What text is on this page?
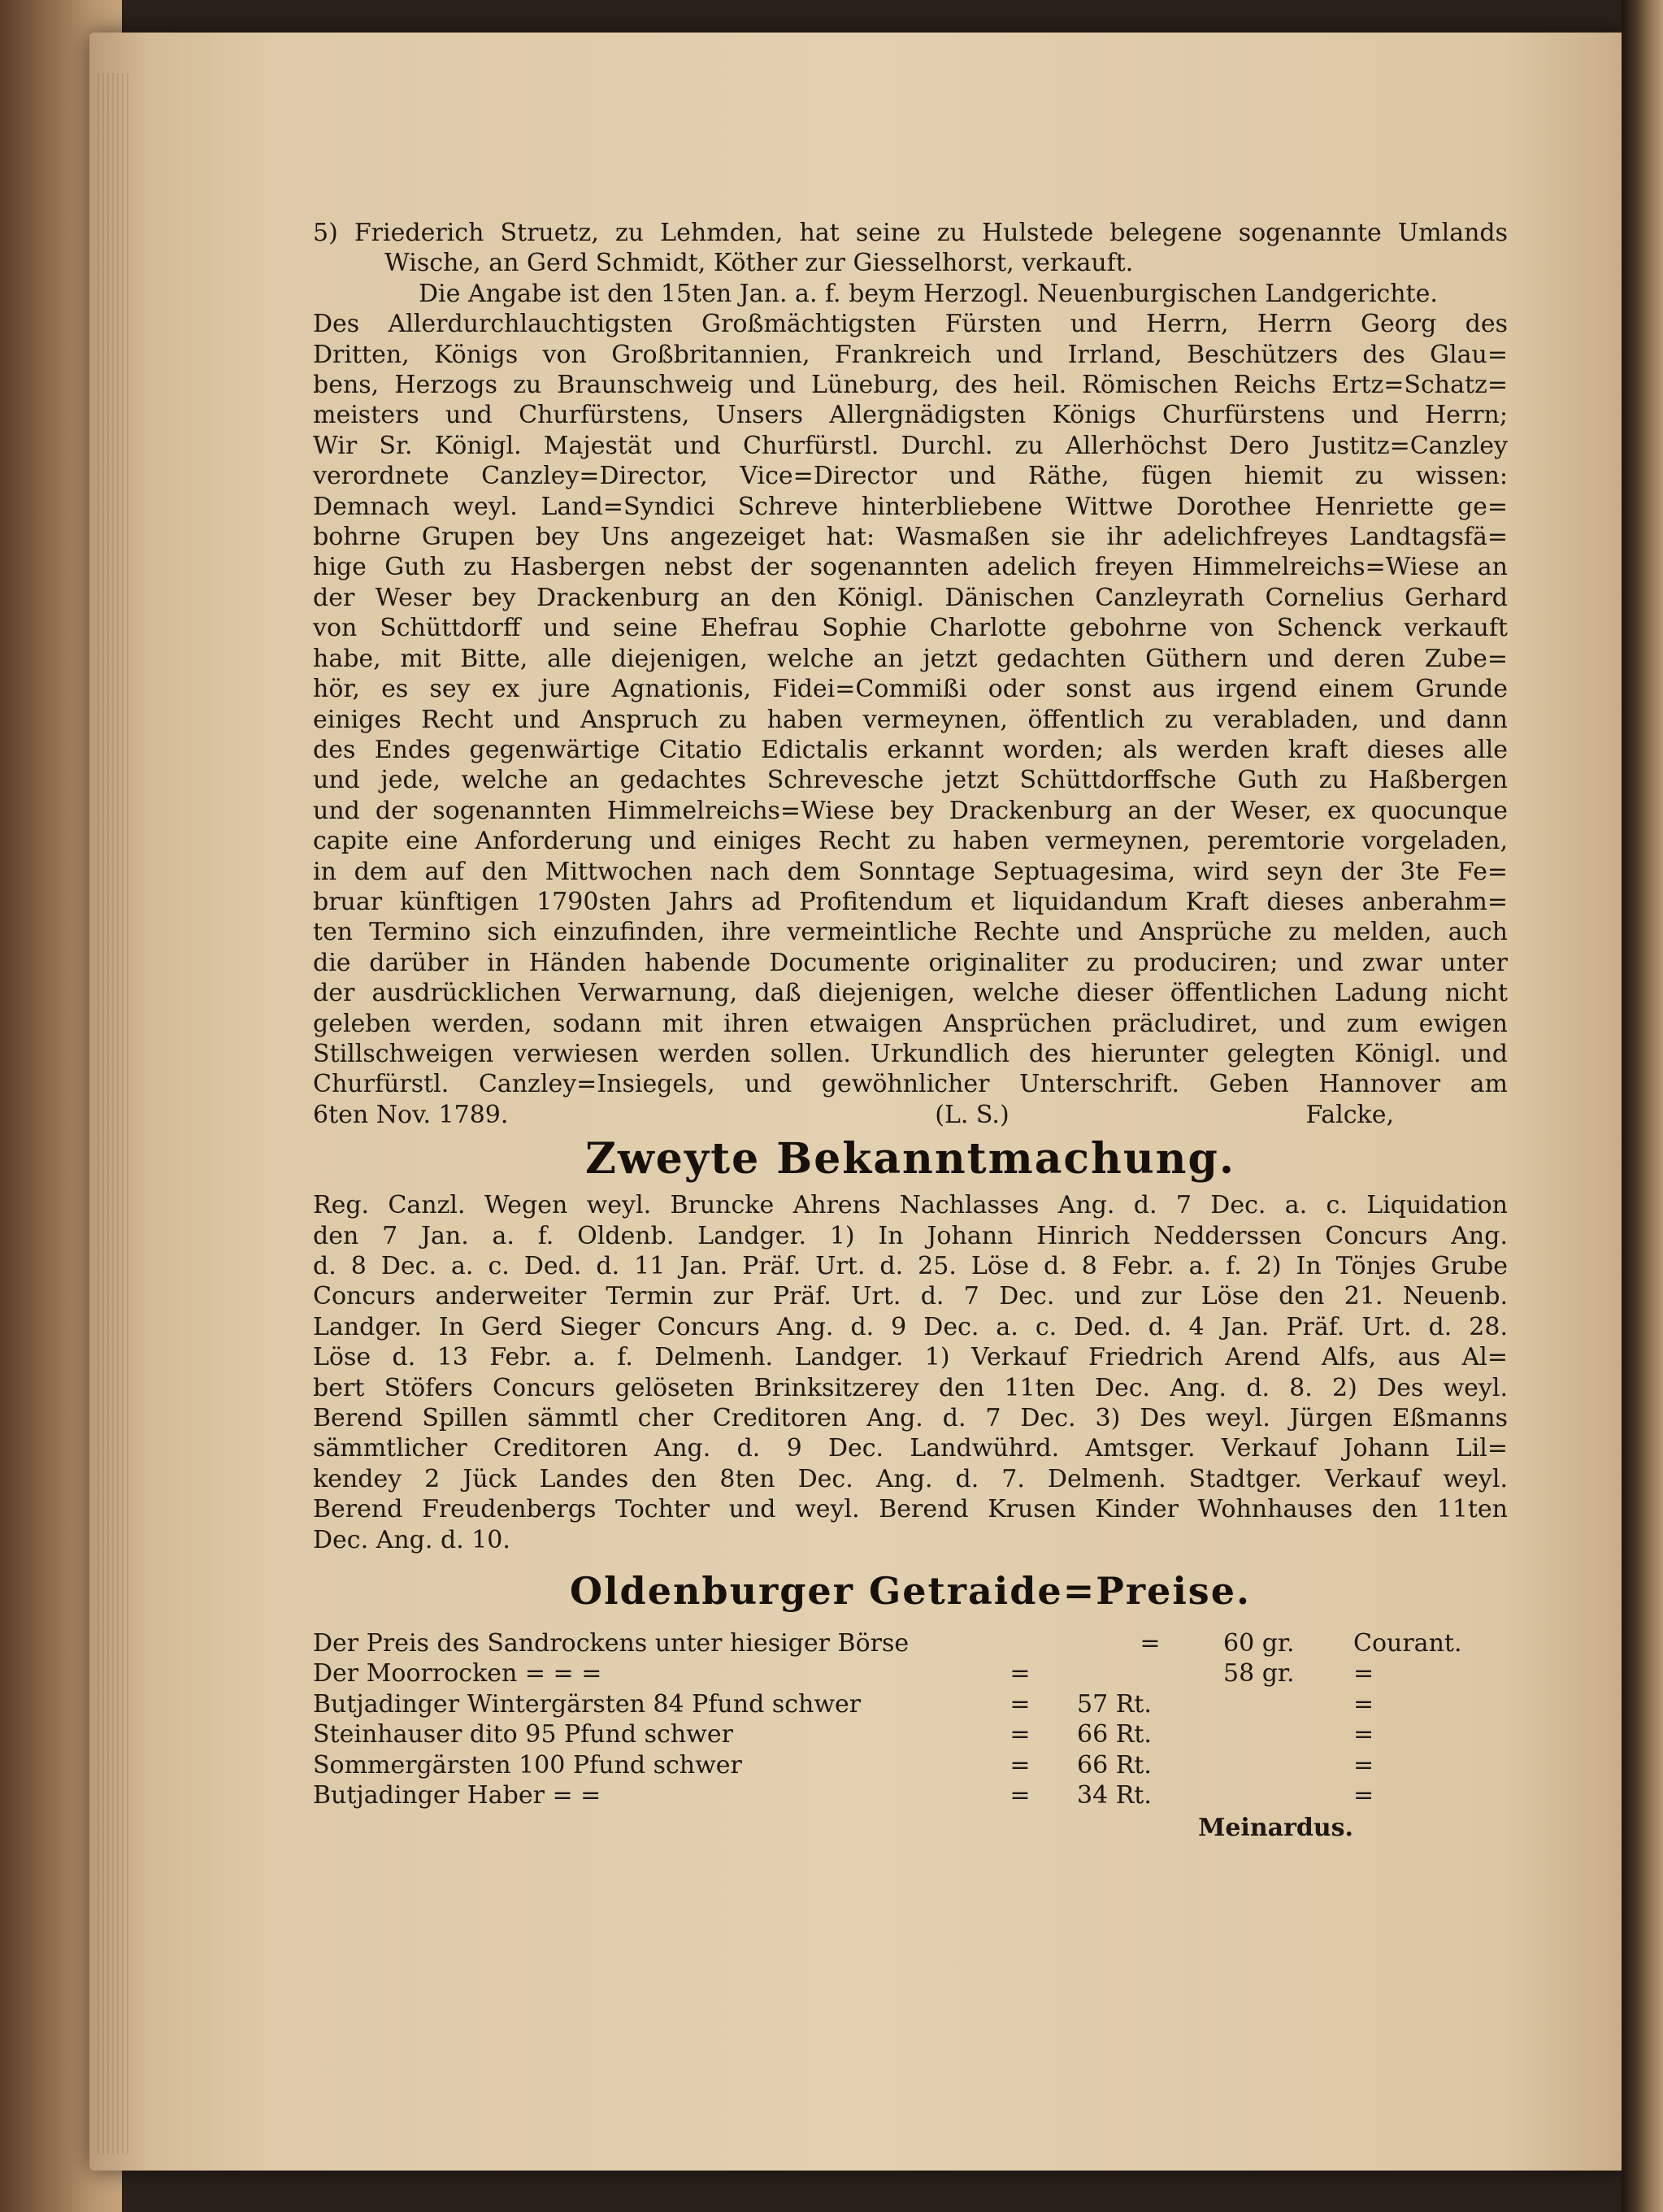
5) Friederich Struetz, zu Lehmden, hat seine zu Hulstede belegene sogenannte Umlands
Wische, an Gerd Schmidt, Köther zur Giesselhorst, verkauft.
Die Angabe ist den 15ten Jan. a. f. beym Herzogl. Neuenburgischen Landgerichte.
Des Allerdurchlauchtigsten Großmächtigsten Fürsten und Herrn, Herrn Georg des
Dritten, Königs von Großbritannien, Frankreich und Irrland, Beschützers des Glau=
bens, Herzogs zu Braunschweig und Lüneburg, des heil. Römischen Reichs Ertz=Schatz=
meisters und Churfürstens, Unsers Allergnädigsten Königs Churfürstens und Herrn;
Wir Sr. Königl. Majestät und Churfürstl. Durchl. zu Allerhöchst Dero Justitz=Canzley
verordnete Canzley=Director, Vice=Director und Räthe, fügen hiemit zu wissen:
Demnach weyl. Land=Syndici Schreve hinterbliebene Wittwe Dorothee Henriette ge=
bohrne Grupen bey Uns angezeiget hat: Wasmaßen sie ihr adelichfreyes Landtagsfä=
hige Guth zu Hasbergen nebst der sogenannten adelich freyen Himmelreichs=Wiese an
der Weser bey Drackenburg an den Königl. Dänischen Canzleyrath Cornelius Gerhard
von Schüttdorff und seine Ehefrau Sophie Charlotte gebohrne von Schenck verkauft
habe, mit Bitte, alle diejenigen, welche an jetzt gedachten Güthern und deren Zube=
hör, es sey ex jure Agnationis, Fidei=Commißi oder sonst aus irgend einem Grunde
einiges Recht und Anspruch zu haben vermeynen, öffentlich zu verabladen, und dann
des Endes gegenwärtige Citatio Edictalis erkannt worden; als werden kraft dieses alle
und jede, welche an gedachtes Schrevesche jetzt Schüttdorffsche Guth zu Haßbergen
und der sogenannten Himmelreichs=Wiese bey Drackenburg an der Weser, ex quocunque
capite eine Anforderung und einiges Recht zu haben vermeynen, peremtorie vorgeladen,
in dem auf den Mittwochen nach dem Sonntage Septuagesima, wird seyn der 3te Fe=
bruar künftigen 1790sten Jahrs ad Profitendum et liquidandum Kraft dieses anberahm=
ten Termino sich einzufinden, ihre vermeintliche Rechte und Ansprüche zu melden, auch
die darüber in Händen habende Documente originaliter zu produciren; und zwar unter
der ausdrücklichen Verwarnung, daß diejenigen, welche dieser öffentlichen Ladung nicht
geleben werden, sodann mit ihren etwaigen Ansprüchen präcludiret, und zum ewigen
Stillschweigen verwiesen werden sollen. Urkundlich des hierunter gelegten Königl. und
Churfürstl. Canzley=Insiegels, und gewöhnlicher Unterschrift. Geben Hannover am
6ten Nov. 1789.	(L. S.)	Falcke,
Zweyte Bekanntmachung.
Reg. Canzl. Wegen weyl. Bruncke Ahrens Nachlasses Ang. d. 7 Dec. a. c. Liquidation
den 7 Jan. a. f. Oldenb. Landger. 1) In Johann Hinrich Nedderssen Concurs Ang.
d. 8 Dec. a. c. Ded. d. 11 Jan. Präf. Urt. d. 25. Löse d. 8 Febr. a. f. 2) In Tönjes Grube
Concurs anderweiter Termin zur Präf. Urt. d. 7 Dec. und zur Löse den 21. Neuenb.
Landger. In Gerd Sieger Concurs Ang. d. 9 Dec. a. c. Ded. d. 4 Jan. Präf. Urt. d. 28.
Löse d. 13 Febr. a. f. Delmenh. Landger. 1) Verkauf Friedrich Arend Alfs, aus Al=
bert Stöfers Concurs gelöseten Brinksitzerey den 11ten Dec. Ang. d. 8. 2) Des weyl.
Berend Spillen sämmtl cher Creditoren Ang. d. 7 Dec. 3) Des weyl. Jürgen Eßmanns
sämmtlicher Creditoren Ang. d. 9 Dec. Landwührd. Amtsger. Verkauf Johann Lil=
kendey 2 Jück Landes den 8ten Dec. Ang. d. 7. Delmenh. Stadtger. Verkauf weyl.
Berend Freudenbergs Tochter und weyl. Berend Krusen Kinder Wohnhauses den 11ten
Dec. Ang. d. 10.
Oldenburger Getraide=Preise.
Der Preis des Sandrockens unter hiesiger Börse	=	60 gr.	Courant.
Der Moorrocken = = =	=	58 gr.	=
Butjadinger Wintergärsten 84 Pfund schwer	=	57 Rt.	=
Steinhauser dito 95 Pfund schwer	=	66 Rt.	=
Sommergärsten 100 Pfund schwer	=	66 Rt.	=
Butjadinger Haber = =	=	34 Rt.	=
Meinardus.
